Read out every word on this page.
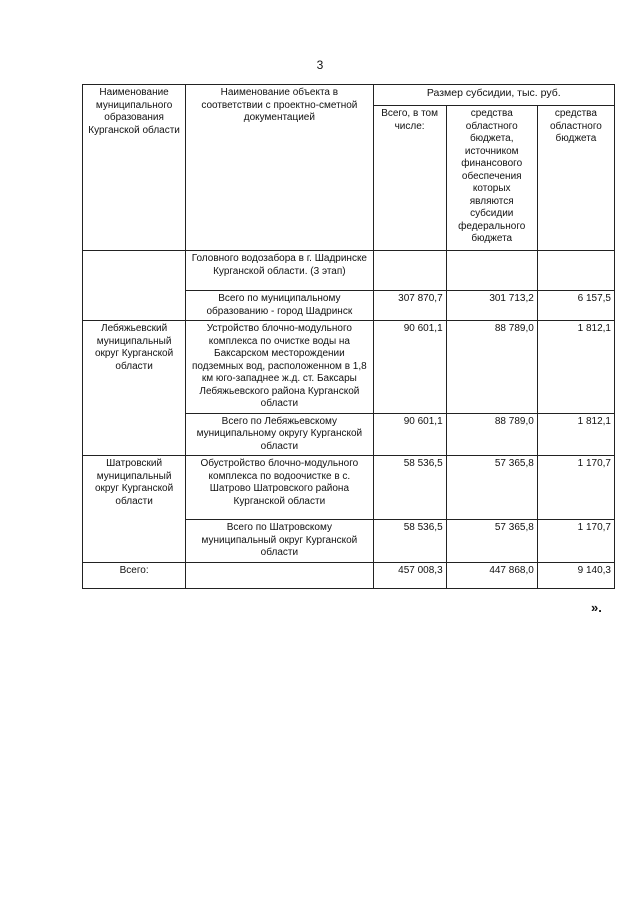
3
Наименование муниципального образования Курганской области	Наименование объекта в соответствии с проектно-сметной документацией	Размер субсидии, тыс. руб.		
		Всего, в том числе:	средства областного бюджета, источником финансового обеспечения которых являются субсидии федерального бюджета	средства областного бюджета
	Головного водозабора в г. Шадринске Курганской области. (3 этап)			
	Всего по муниципальному образованию - город Шадринск	307 870,7	301 713,2	6 157,5
Лебяжьевский муниципальный округ Курганской области	Устройство блочно-модульного комплекса по очистке воды на Баксарском месторождении подземных вод, расположенном в 1,8 км юго-западнее ж.д. ст. Баксары Лебяжьевского района Курганской области	90 601,1	88 789,0	1 812,1
	Всего по Лебяжьевскому муниципальному округу Курганской области	90 601,1	88 789,0	1 812,1
Шатровский муниципальный округ Курганской области	Обустройство блочно-модульного комплекса по водоочистке в с. Шатрово Шатровского района Курганской области	58 536,5	57 365,8	1 170,7
	Всего по Шатровскому муниципальный округ Курганской области	58 536,5	57 365,8	1 170,7
Всего:		457 008,3	447 868,0	9 140,3
».
